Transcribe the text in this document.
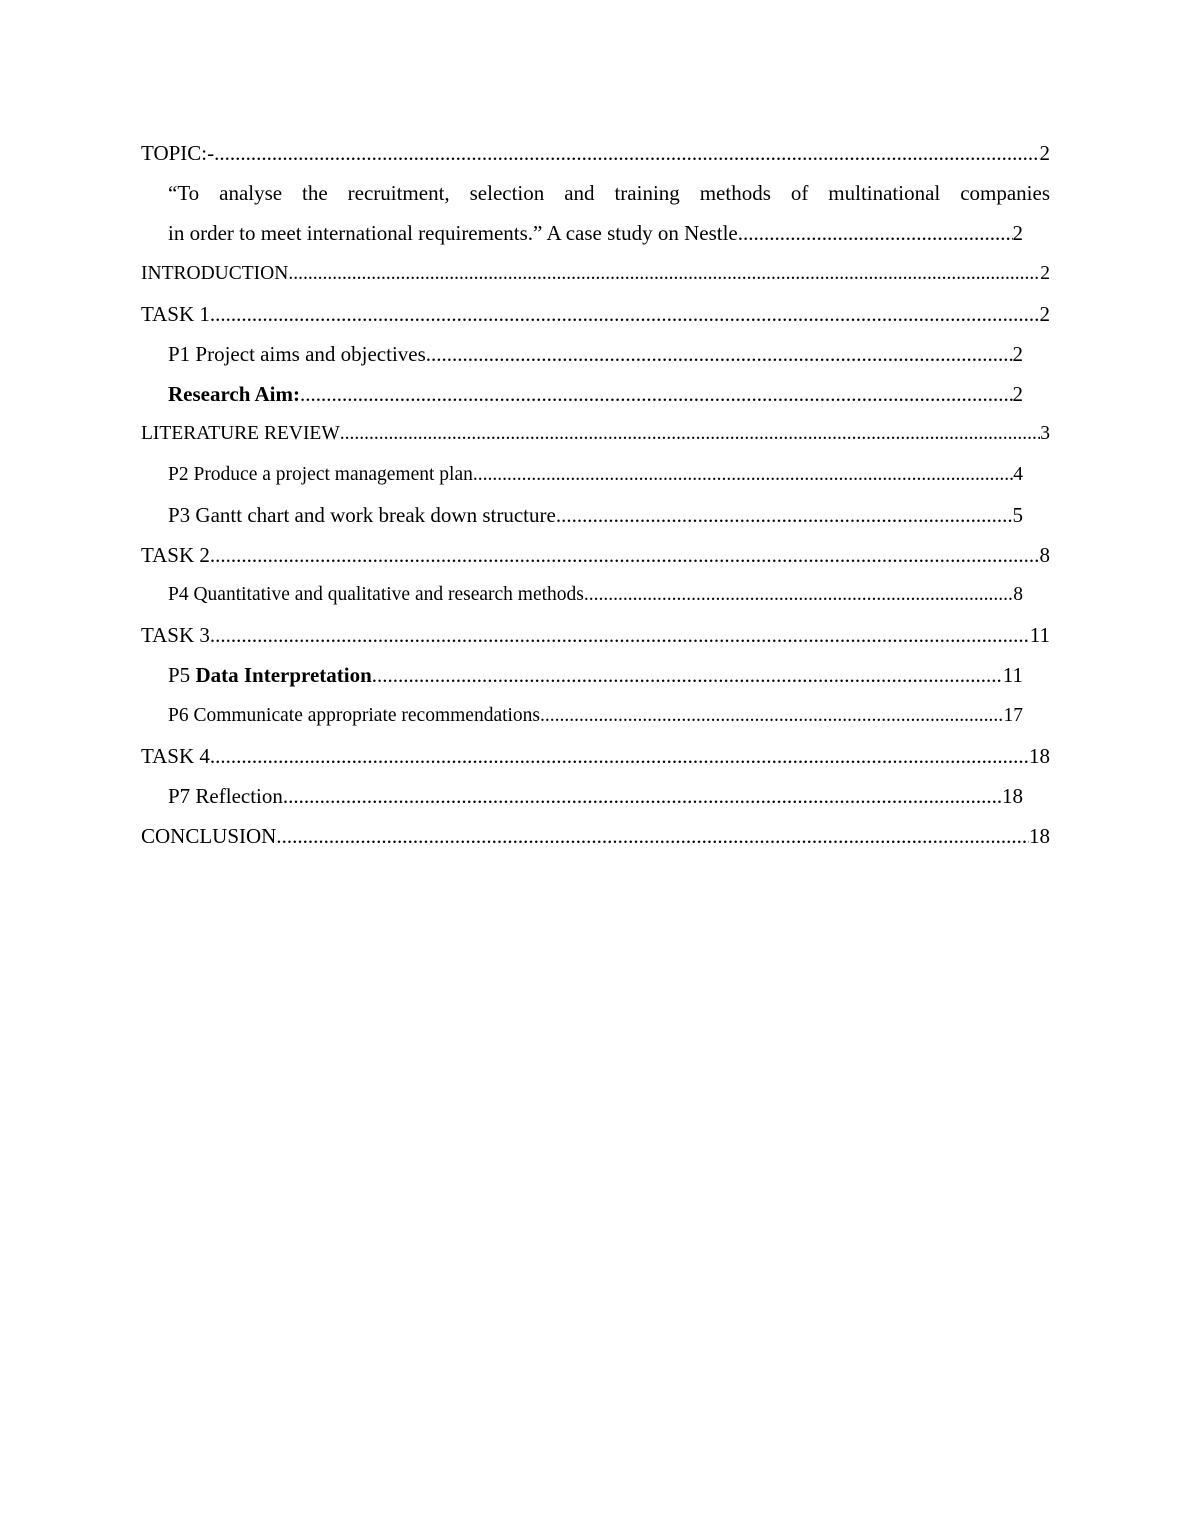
TOPIC:- .....	2
“To analyse the recruitment, selection and training methods of multinational companies
in order to meet international requirements.” A case study on Nestle .....	2
INTRODUCTION .....	2
TASK 1 .....	2
P1 Project aims and objectives .....	2
Research Aim: .....	2
LITERATURE REVIEW .....	3
P2 Produce a project management plan .....	4
P3 Gantt chart and work break down structure .....	5
TASK 2 .....	8
P4 Quantitative and qualitative and research methods .....	8
TASK 3 .....	11
P5 Data Interpretation .....	11
P6 Communicate appropriate recommendations .....	17
TASK 4 .....	18
P7 Reflection .....	18
CONCLUSION .....	18
